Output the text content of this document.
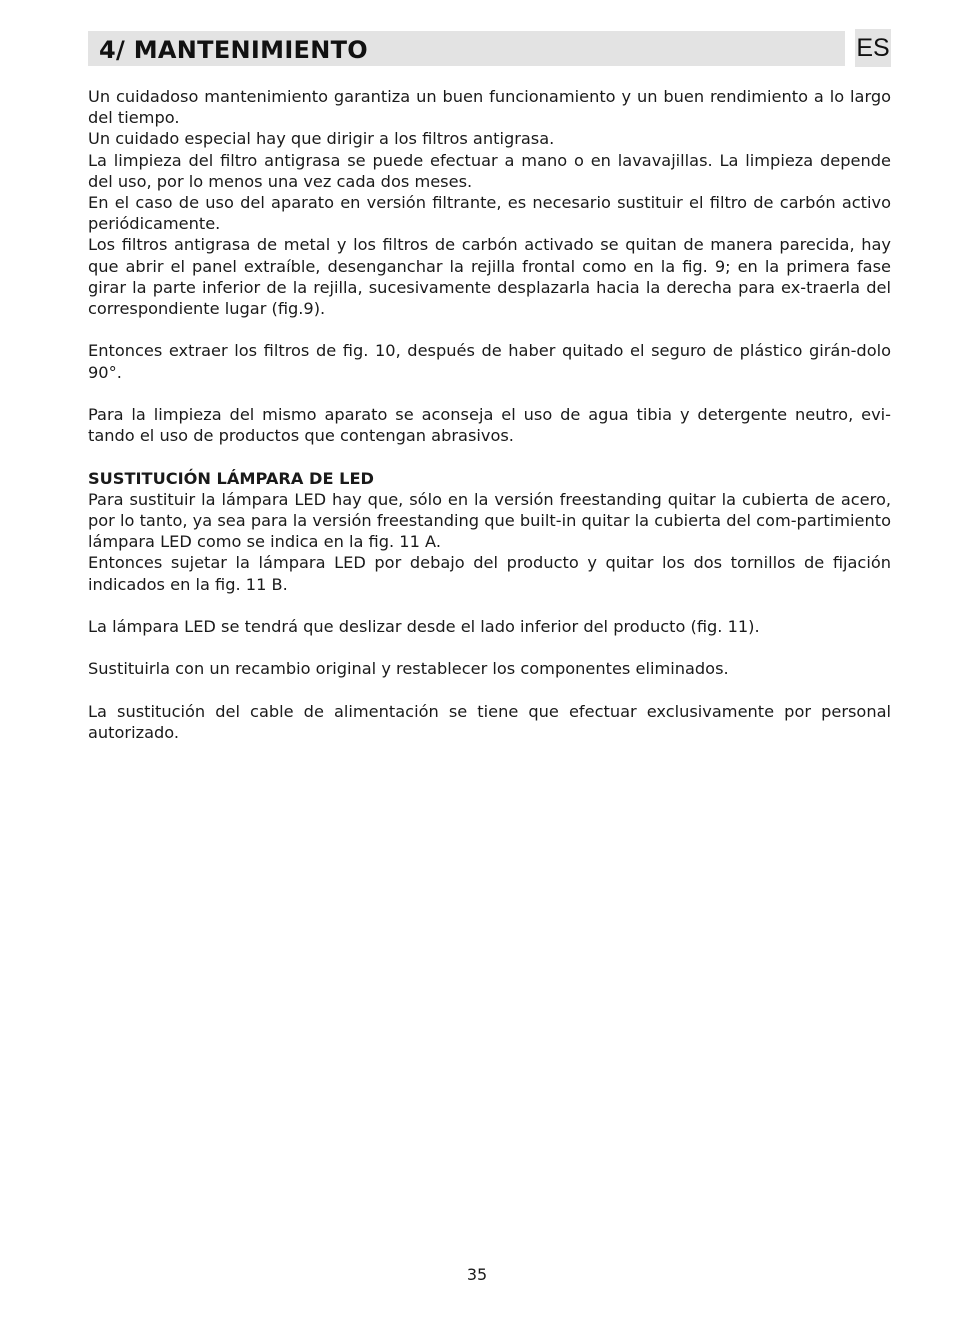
4/ MANTENIMIENTO	ES

Un cuidadoso mantenimiento garantiza un buen funcionamiento y un buen rendimiento a lo largo del tiempo.

Un cuidado especial hay que dirigir a los filtros antigrasa.

La limpieza del filtro antigrasa se puede efectuar a mano o en lavavajillas. La limpieza depende del uso, por lo menos una vez cada dos meses.

En el caso de uso del aparato en versión filtrante, es necesario sustituir el filtro de carbón activo periódicamente.

Los filtros antigrasa de metal y los filtros de carbón activado se quitan de manera parecida, hay que abrir el panel extraíble, desenganchar la rejilla frontal como en la fig. 9; en la primera fase girar la parte inferior de la rejilla, sucesivamente desplazarla hacia la derecha para ex-traerla del correspondiente lugar (fig.9).

Entonces extraer los filtros de fig. 10, después de haber quitado el seguro de plástico girán-dolo 90°.

Para la limpieza del mismo aparato se aconseja el uso de agua tibia y detergente neutro, evi-tando el uso de productos que contengan abrasivos.

SUSTITUCIÓN LÁMPARA DE LED

Para sustituir la lámpara LED hay que, sólo en la versión freestanding quitar la cubierta de acero, por lo tanto, ya sea para la versión freestanding que built-in quitar la cubierta del com-partimiento lámpara LED como se indica en la fig. 11 A.

Entonces sujetar la lámpara LED por debajo del producto y quitar los dos tornillos de fijación indicados en la fig. 11 B.

La lámpara LED se tendrá que deslizar desde el lado inferior del producto (fig. 11).

Sustituirla con un recambio original y restablecer los componentes eliminados.

La sustitución del cable de alimentación se tiene que efectuar exclusivamente por personal autorizado.

35
